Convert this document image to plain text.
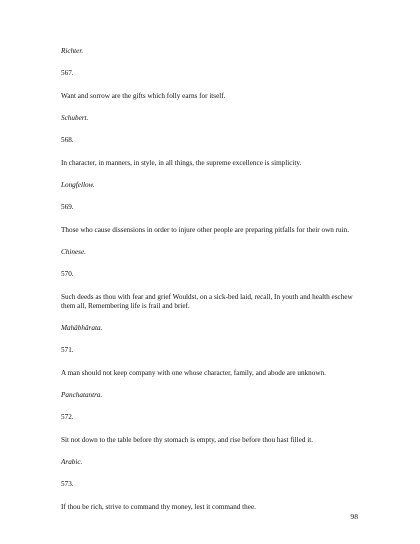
Richter.

567.

Want and sorrow are the gifts which folly earns for itself.

Schubert.

568.

In character, in manners, in style, in all things, the supreme excellence is simplicity.

Longfellow.

569.

Those who cause dissensions in order to injure other people are preparing pitfalls for their own ruin.

Chinese.

570.

Such deeds as thou with fear and grief Wouldst, on a sick-bed laid, recall, In youth and health eschew them all, Remembering life is frail and brief.

Mahâbhârata.

571.

A man should not keep company with one whose character, family, and abode are unknown.

Panchatantra.

572.

Sit not down to the table before thy stomach is empty, and rise before thou hast filled it.

Arabic.

573.

If thou be rich, strive to command thy money, lest it command thee.

98
